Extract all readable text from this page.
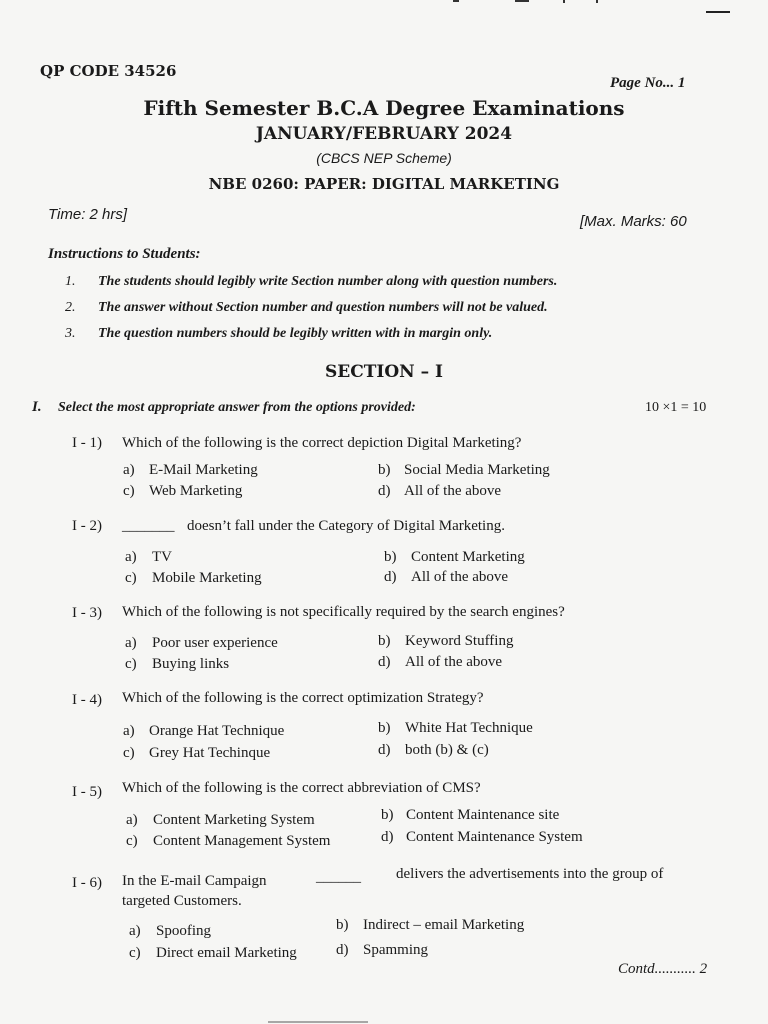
QP CODE 34526
Page No... 1
Fifth Semester B.C.A Degree Examinations
JANUARY/FEBRUARY 2024
(CBCS NEP Scheme)
NBE 0260: PAPER: DIGITAL MARKETING
Time: 2 hrs]	[Max. Marks: 60
Instructions to Students:
1. The students should legibly write Section number along with question numbers.
2. The answer without Section number and question numbers will not be valued.
3. The question numbers should be legibly written with in margin only.
SECTION – I
I. Select the most appropriate answer from the options provided:	10 ×1 = 10
I - 1) Which of the following is the correct depiction Digital Marketing?
a) E-Mail Marketing	b) Social Media Marketing
c) Web Marketing	d) All of the above
I - 2) _______ doesn’t fall under the Category of Digital Marketing.
a) TV	b) Content Marketing
c) Mobile Marketing	d) All of the above
I - 3) Which of the following is not specifically required by the search engines?
a) Poor user experience	b) Keyword Stuffing
c) Buying links	d) All of the above
I - 4) Which of the following is the correct optimization Strategy?
a) Orange Hat Technique	b) White Hat Technique
c) Grey Hat Techinque	d) both (b) & (c)
I - 5) Which of the following is the correct abbreviation of CMS?
a) Content Marketing System	b) Content Maintenance site
c) Content Management System	d) Content Maintenance System
I - 6) In the E-mail Campaign	______ delivers the advertisements into the group of
targeted Customers.
a) Spoofing	b) Indirect – email Marketing
c) Direct email Marketing	d) Spamming
Contd........... 2
